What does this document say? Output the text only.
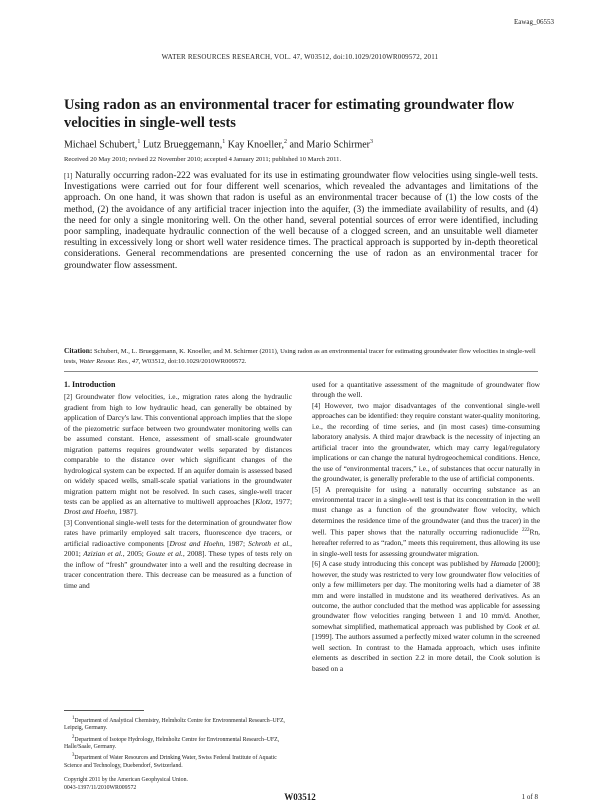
Eawag_06553
WATER RESOURCES RESEARCH, VOL. 47, W03512, doi:10.1029/2010WR009572, 2011
Using radon as an environmental tracer for estimating groundwater flow velocities in single-well tests
Michael Schubert,$^1$ Lutz Brueggemann,$^1$ Kay Knoeller,$^2$ and Mario Schirmer$^3$
Received 20 May 2010; revised 22 November 2010; accepted 4 January 2011; published 10 March 2011.
[1] Naturally occurring radon-222 was evaluated for its use in estimating groundwater flow velocities using single-well tests. Investigations were carried out for four different well scenarios, which revealed the advantages and limitations of the approach. On one hand, it was shown that radon is useful as an environmental tracer because of (1) the low costs of the method, (2) the avoidance of any artificial tracer injection into the aquifer, (3) the immediate availability of results, and (4) the need for only a single monitoring well. On the other hand, several potential sources of error were identified, including poor sampling, inadequate hydraulic connection of the well because of a clogged screen, and an unsuitable well diameter resulting in excessively long or short well water residence times. The practical approach is supported by in-depth theoretical considerations. General recommendations are presented concerning the use of radon as an environmental tracer for groundwater flow assessment.
Citation: Schubert, M., L. Brueggemann, K. Knoeller, and M. Schirmer (2011), Using radon as an environmental tracer for estimating groundwater flow velocities in single-well tests, Water Resour. Res., 47, W03512, doi:10.1029/2010WR009572.

1. Introduction

[2] Groundwater flow velocities, i.e., migration rates along the hydraulic gradient from high to low hydraulic head, can generally be obtained by application of Darcy's law. This conventional approach implies that the slope of the piezometric surface between two groundwater monitoring wells can be assumed constant. Hence, assessment of small-scale groundwater migration patterns requires groundwater wells separated by distances comparable to the distance over which significant changes of the hydrological system can be expected. If an aquifer domain is assessed based on widely spaced wells, small-scale spatial variations in the groundwater migration pattern might not be resolved. In such cases, single-well tracer tests can be applied as an alternative to multiwell approaches [Klotz, 1977; Drost and Hoehn, 1987].

[3] Conventional single-well tests for the determination of groundwater flow rates have primarily employed salt tracers, fluorescence dye tracers, or artificial radioactive components [Drost and Hoehn, 1987; Schroth et al., 2001; Azizian et al., 2005; Gouze et al., 2008]. These types of tests rely on the inflow of “fresh” groundwater into a well and the resulting decrease in tracer concentration there. This decrease can be measured as a function of time and

used for a quantitative assessment of the magnitude of groundwater flow through the well.

[4] However, two major disadvantages of the conventional single-well approaches can be identified: they require constant water-quality monitoring, i.e., the recording of time series, and (in most cases) time-consuming laboratory analysis. A third major drawback is the necessity of injecting an artificial tracer into the groundwater, which may carry legal/regulatory implications or can change the natural hydrogeochemical conditions. Hence, the use of “environmental tracers,” i.e., of substances that occur naturally in the groundwater, is generally preferable to the use of artificial components.

[5] A prerequisite for using a naturally occurring substance as an environmental tracer in a single-well test is that its concentration in the well must change as a function of the groundwater flow velocity, which determines the residence time of the groundwater (and thus the tracer) in the well. This paper shows that the naturally occurring radionuclide $^{222}$Rn, hereafter referred to as “radon,” meets this requirement, thus allowing its use in single-well tests for assessing groundwater migration.

[6] A case study introducing this concept was published by Hamada [2000]; however, the study was restricted to very low groundwater flow velocities of only a few millimeters per day. The monitoring wells had a diameter of 38 mm and were installed in mudstone and its weathered derivatives. As an outcome, the author concluded that the method was applicable for assessing groundwater flow velocities ranging between 1 and 10 mm/d. Another, somewhat simplified, mathematical approach was published by Cook et al. [1999]. The authors assumed a perfectly mixed water column in the screened well section. In contrast to the Hamada approach, which uses infinite elements as described in section 2.2 in more detail, the Cook solution is based on a

$^1$Department of Analytical Chemistry, Helmholtz Centre for Environmental Research–UFZ, Leipzig, Germany.

$^2$Department of Isotope Hydrology, Helmholtz Centre for Environmental Research–UFZ, Halle/Saale, Germany.

$^3$Department of Water Resources and Drinking Water, Swiss Federal Institute of Aquatic Science and Technology, Duebendorf, Switzerland.

Copyright 2011 by the American Geophysical Union.
0043-1397/11/2010WR009572
W03512	1 of 8
